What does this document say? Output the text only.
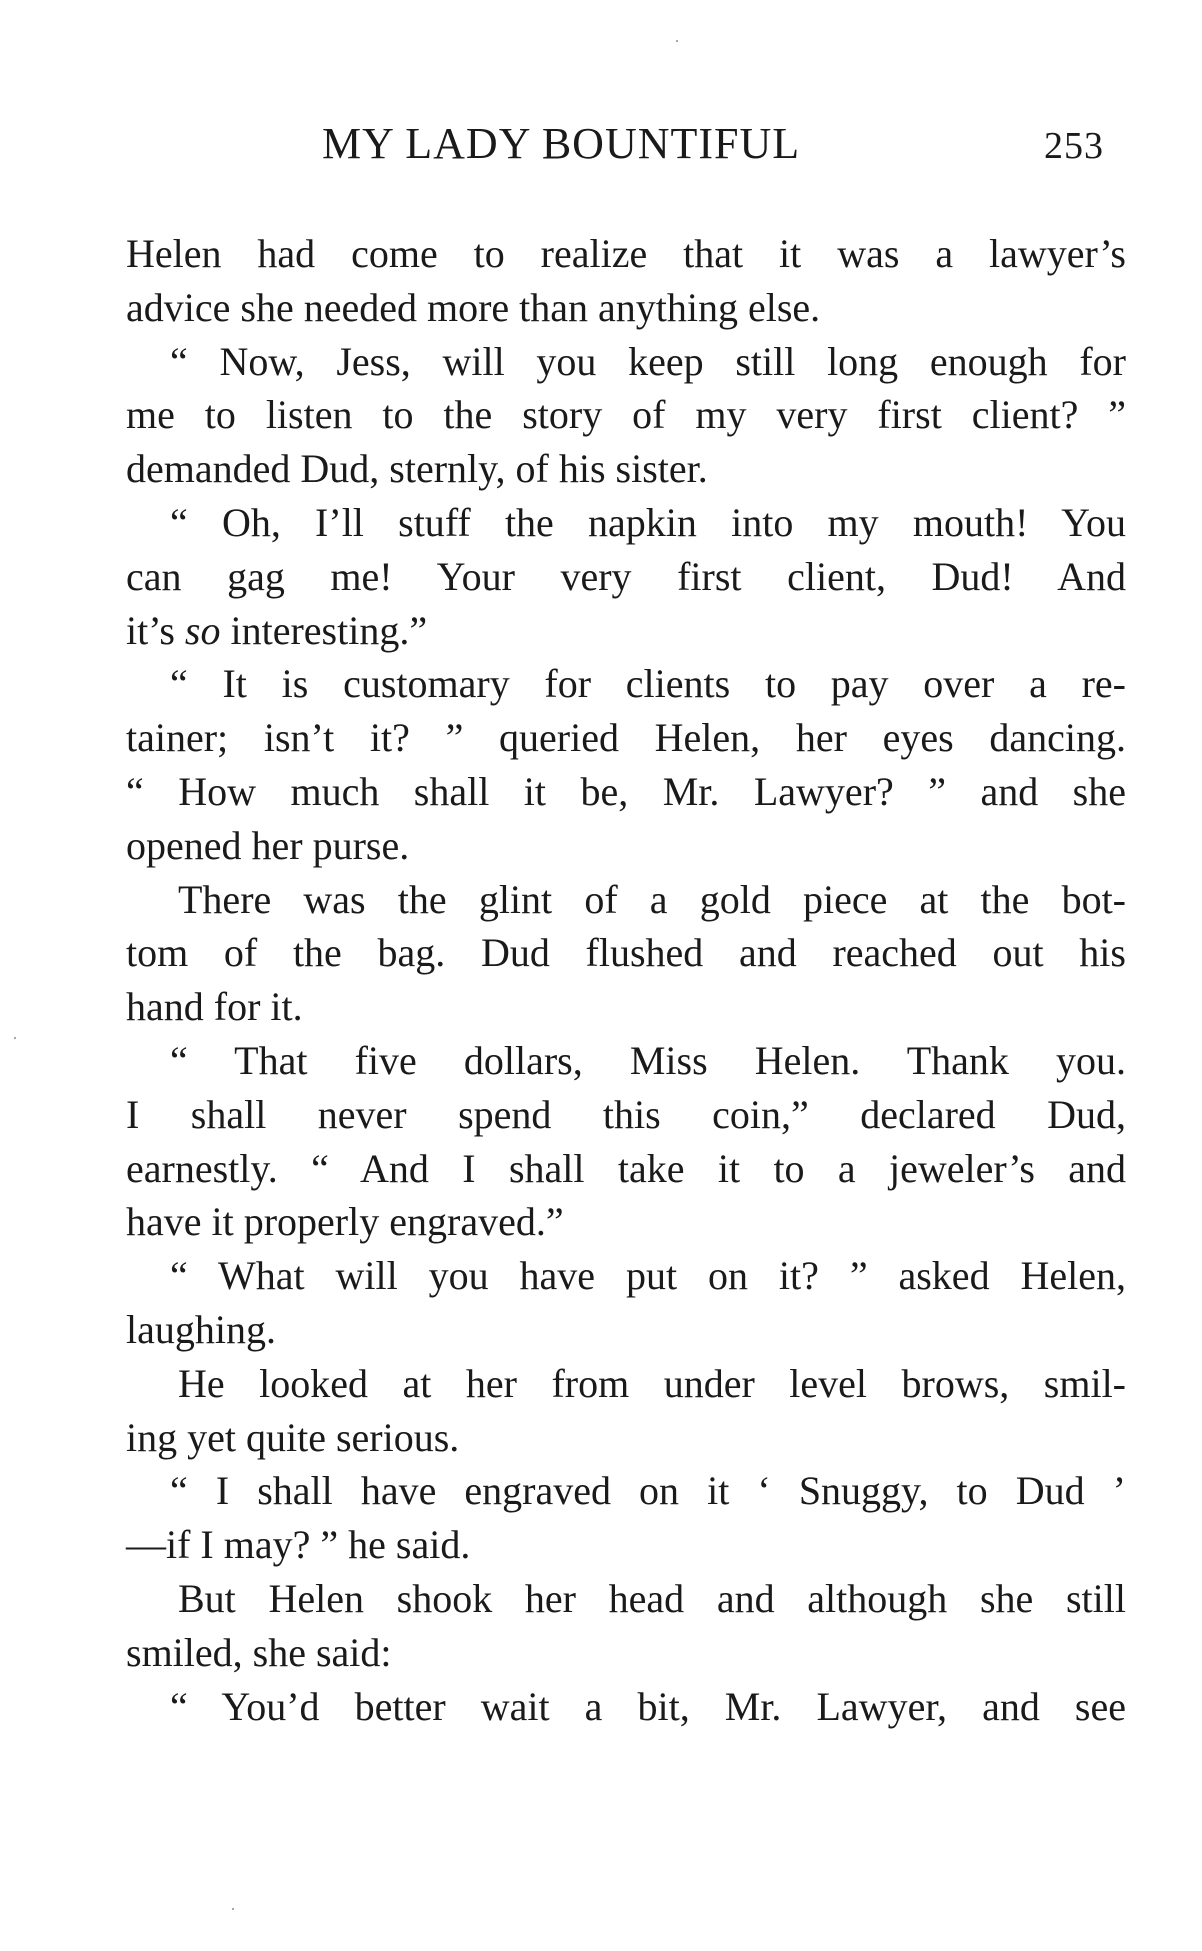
MY LADY BOUNTIFUL	253
Helen had come to realize that it was a lawyer’s
advice she needed more than anything else.
“ Now, Jess, will you keep still long enough for
me to listen to the story of my very first client? ”
demanded Dud, sternly, of his sister.
“ Oh, I’ll stuff the napkin into my mouth! You
can gag me! Your very first client, Dud! And
it’s so interesting.”
“ It is customary for clients to pay over a re-
tainer; isn’t it? ” queried Helen, her eyes dancing.
“ How much shall it be, Mr. Lawyer? ” and she
opened her purse.
There was the glint of a gold piece at the bot-
tom of the bag. Dud flushed and reached out his
hand for it.
“ That five dollars, Miss Helen. Thank you.
I shall never spend this coin,” declared Dud,
earnestly. “ And I shall take it to a jeweler’s and
have it properly engraved.”
“ What will you have put on it? ” asked Helen,
laughing.
He looked at her from under level brows, smil-
ing yet quite serious.
“ I shall have engraved on it ‘ Snuggy, to Dud ’
—if I may? ” he said.
But Helen shook her head and although she still
smiled, she said:
“ You’d better wait a bit, Mr. Lawyer, and see
